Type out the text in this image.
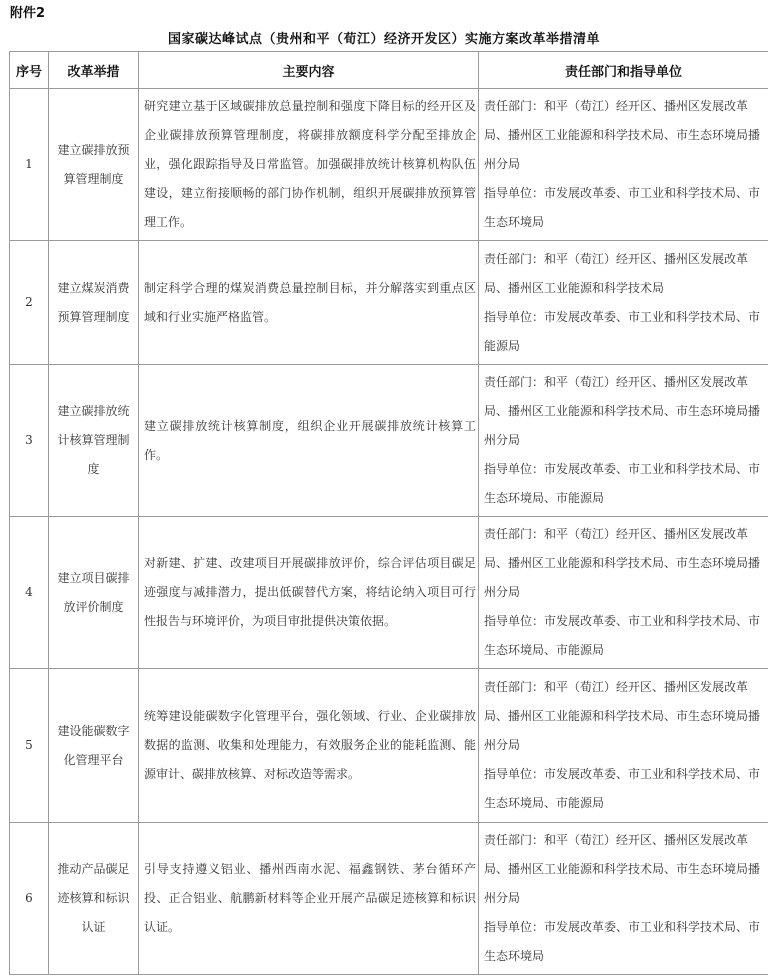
附件2
国家碳达峰试点（贵州和平（荀江）经济开发区）实施方案改革举措清单
序号	改革举措	主要内容	责任部门和指导单位
1	建立碳排放预算管理制度	研究建立基于区域碳排放总量控制和强度下降目标的经开区及企业碳排放预算管理制度，将碳排放额度科学分配至排放企业，强化跟踪指导及日常监管。加强碳排放统计核算机构队伍建设，建立衔接顺畅的部门协作机制，组织开展碳排放预算管理工作。	责任部门：和平（荀江）经开区、播州区发展改革局、播州区工业能源和科学技术局、市生态环境局播州分局
指导单位：市发展改革委、市工业和科学技术局、市生态环境局

2	建立煤炭消费预算管理制度	制定科学合理的煤炭消费总量控制目标，并分解落实到重点区域和行业实施严格监管。	责任部门：和平（荀江）经开区、播州区发展改革局、播州区工业能源和科学技术局
指导单位：市发展改革委、市工业和科学技术局、市能源局

3	建立碳排放统计核算管理制度	建立碳排放统计核算制度，组织企业开展碳排放统计核算工作。	责任部门：和平（荀江）经开区、播州区发展改革局、播州区工业能源和科学技术局、市生态环境局播州分局
指导单位：市发展改革委、市工业和科学技术局、市生态环境局、市能源局

4	建立项目碳排放评价制度	对新建、扩建、改建项目开展碳排放评价，综合评估项目碳足迹强度与减排潜力，提出低碳替代方案，将结论纳入项目可行性报告与环境评价，为项目审批提供决策依据。	责任部门：和平（荀江）经开区、播州区发展改革局、播州区工业能源和科学技术局、市生态环境局播州分局
指导单位：市发展改革委、市工业和科学技术局、市生态环境局、市能源局

5	建设能碳数字化管理平台	统筹建设能碳数字化管理平台，强化领域、行业、企业碳排放数据的监测、收集和处理能力，有效服务企业的能耗监测、能源审计、碳排放核算、对标改造等需求。	责任部门：和平（荀江）经开区、播州区发展改革局、播州区工业能源和科学技术局、市生态环境局播州分局
指导单位：市发展改革委、市工业和科学技术局、市生态环境局、市能源局

6	推动产品碳足迹核算和标识认证	引导支持遵义铝业、播州西南水泥、福鑫钢铁、茅台循环产投、正合铝业、航鹏新材料等企业开展产品碳足迹核算和标识认证。	责任部门：和平（荀江）经开区、播州区发展改革局、播州区工业能源和科学技术局、市生态环境局播州分局
指导单位：市发展改革委、市工业和科学技术局、市生态环境局
